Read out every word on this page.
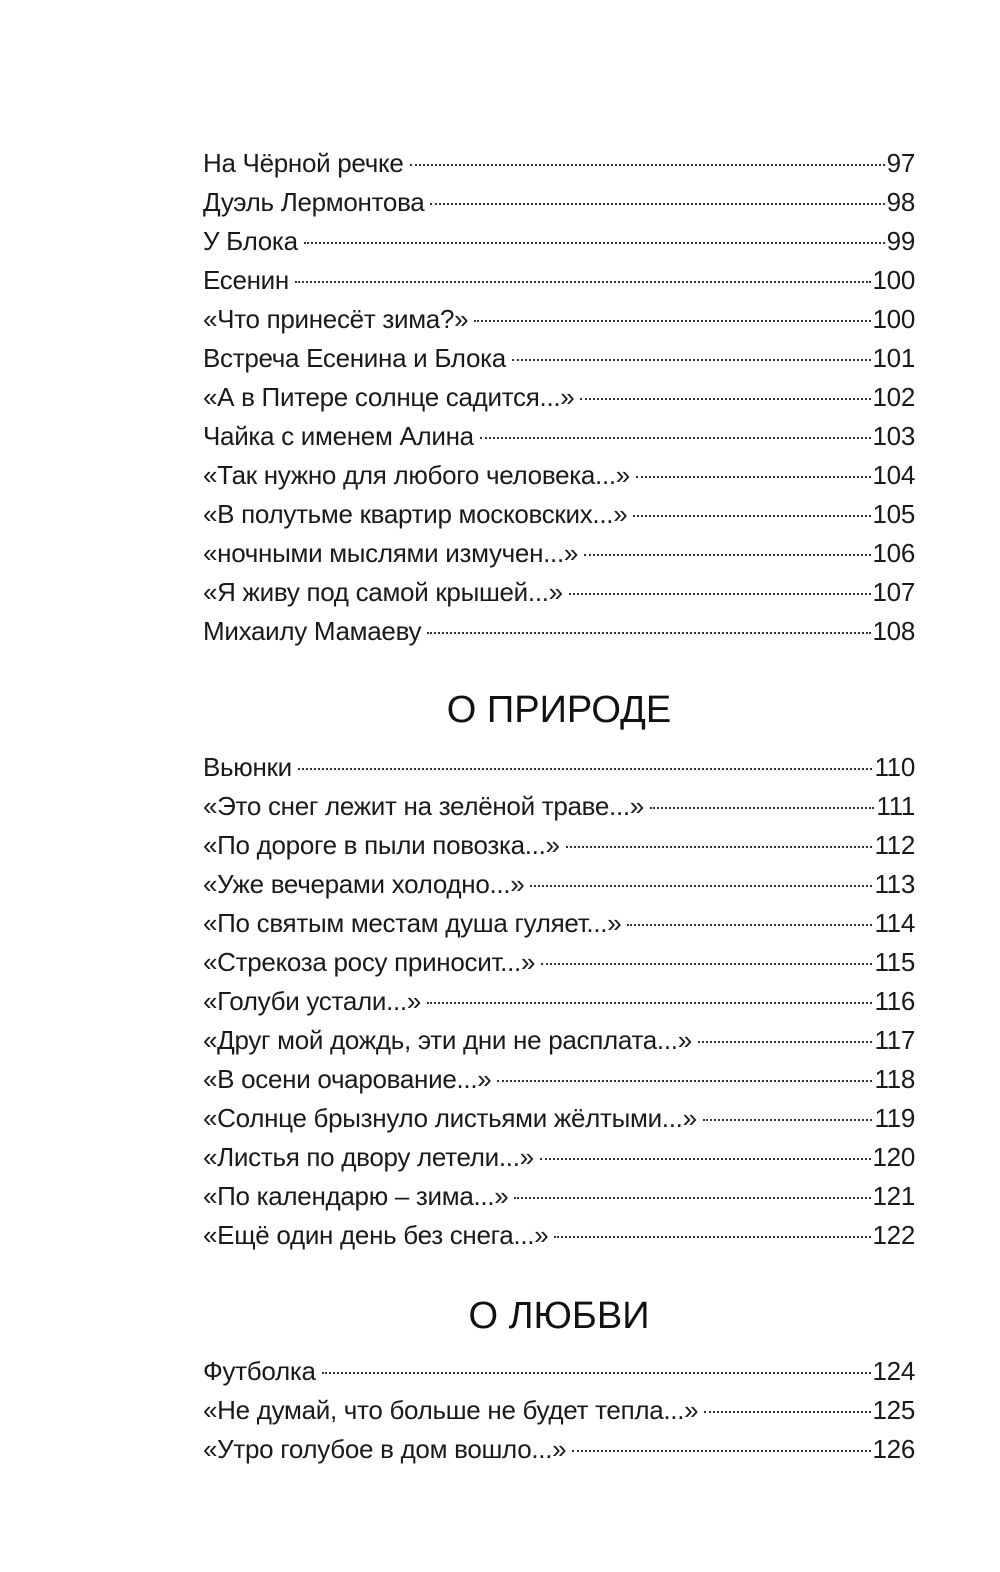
На Чёрной речке	97
Дуэль Лермонтова	98
У Блока	99
Есенин	100
«Что принесёт зима?»	100
Встреча Есенина и Блока	101
«А в Питере солнце садится...»	102
Чайка с именем Алина	103
«Так нужно для любого человека...»	104
«В полутьме квартир московских...»	105
«ночными мыслями измучен...»	106
«Я живу под самой крышей...»	107
Михаилу Мамаеву	108
О ПРИРОДЕ
Вьюнки	110
«Это снег лежит на зелёной траве...»	111
«По дороге в пыли повозка...»	112
«Уже вечерами холодно...»	113
«По святым местам душа гуляет...»	114
«Стрекоза росу приносит...»	115
«Голуби устали...»	116
«Друг мой дождь, эти дни не расплата...»	117
«В осени очарование...»	118
«Солнце брызнуло листьями жёлтыми...»	119
«Листья по двору летели...»	120
«По календарю – зима...»	121
«Ещё один день без снега...»	122
О ЛЮБВИ
Футболка	124
«Не думай, что больше не будет тепла...»	125
«Утро голубое в дом вошло...»	126
